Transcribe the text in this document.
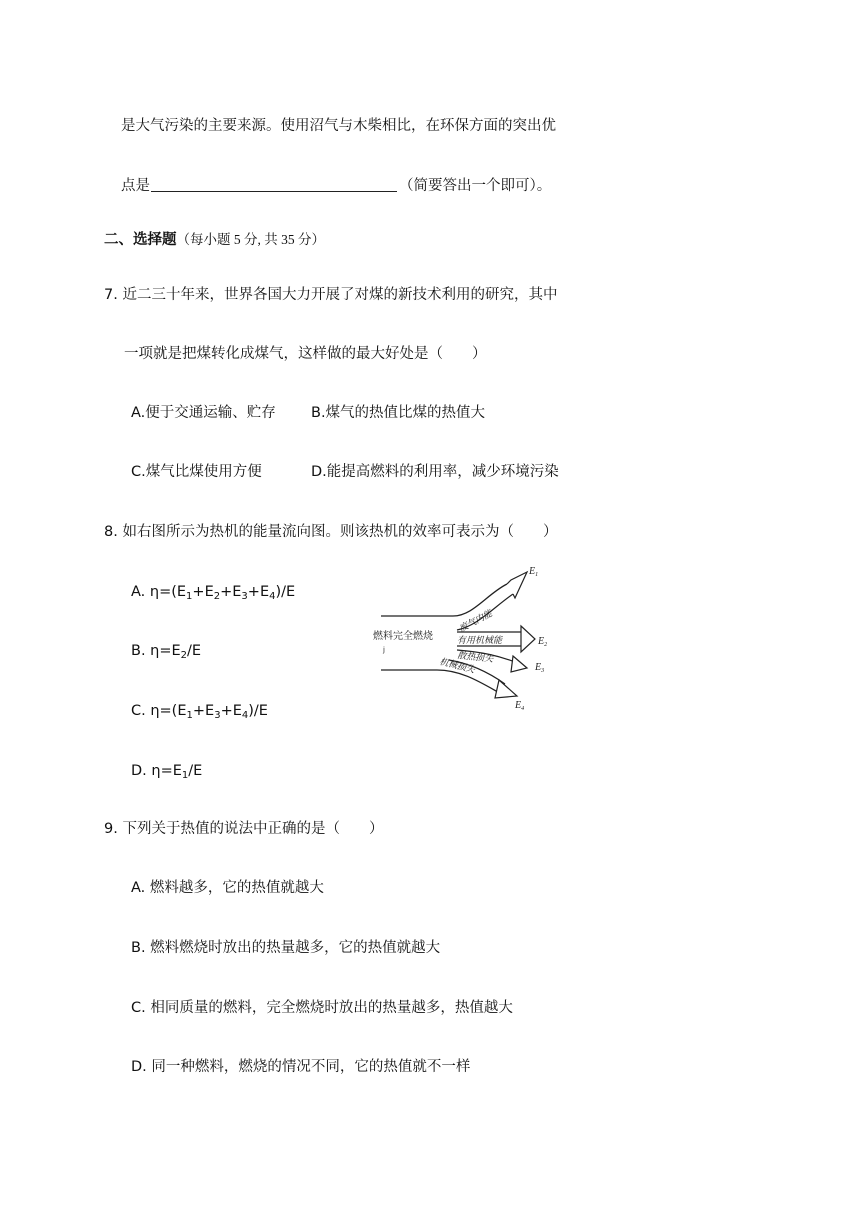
是大气污染的主要来源。使用沼气与木柴相比，在环保方面的突出优
点是	（简要答出一个即可）。
二、选择题（每小题 5 分, 共 35 分）
7. 近二三十年来，世界各国大力开展了对煤的新技术利用的研究，其中
一项就是把煤转化成煤气，这样做的最大好处是（　　）
A.便于交通运输、贮存 B.煤气的热值比煤的热值大
C.煤气比煤使用方便	D.能提高燃料的利用率，减少环境污染
8. 如右图所示为热机的能量流向图。则该热机的效率可表示为（　　）
A. $\eta=(E_1+E_2+E_3+E_4)/E$
B. $\eta=E_2/E$
C. $\eta=(E_1+E_3+E_4)/E$
D. $\eta=E_1/E$
燃料完全燃烧
j
废气内能
有用机械能
散热损失
机械损失
$E_1$
$E_2$
$E_3$
$E_4$
9. 下列关于热值的说法中正确的是（　　）
A. 燃料越多，它的热值就越大
B. 燃料燃烧时放出的热量越多，它的热值就越大
C. 相同质量的燃料，完全燃烧时放出的热量越多，热值越大
D. 同一种燃料，燃烧的情况不同，它的热值就不一样
